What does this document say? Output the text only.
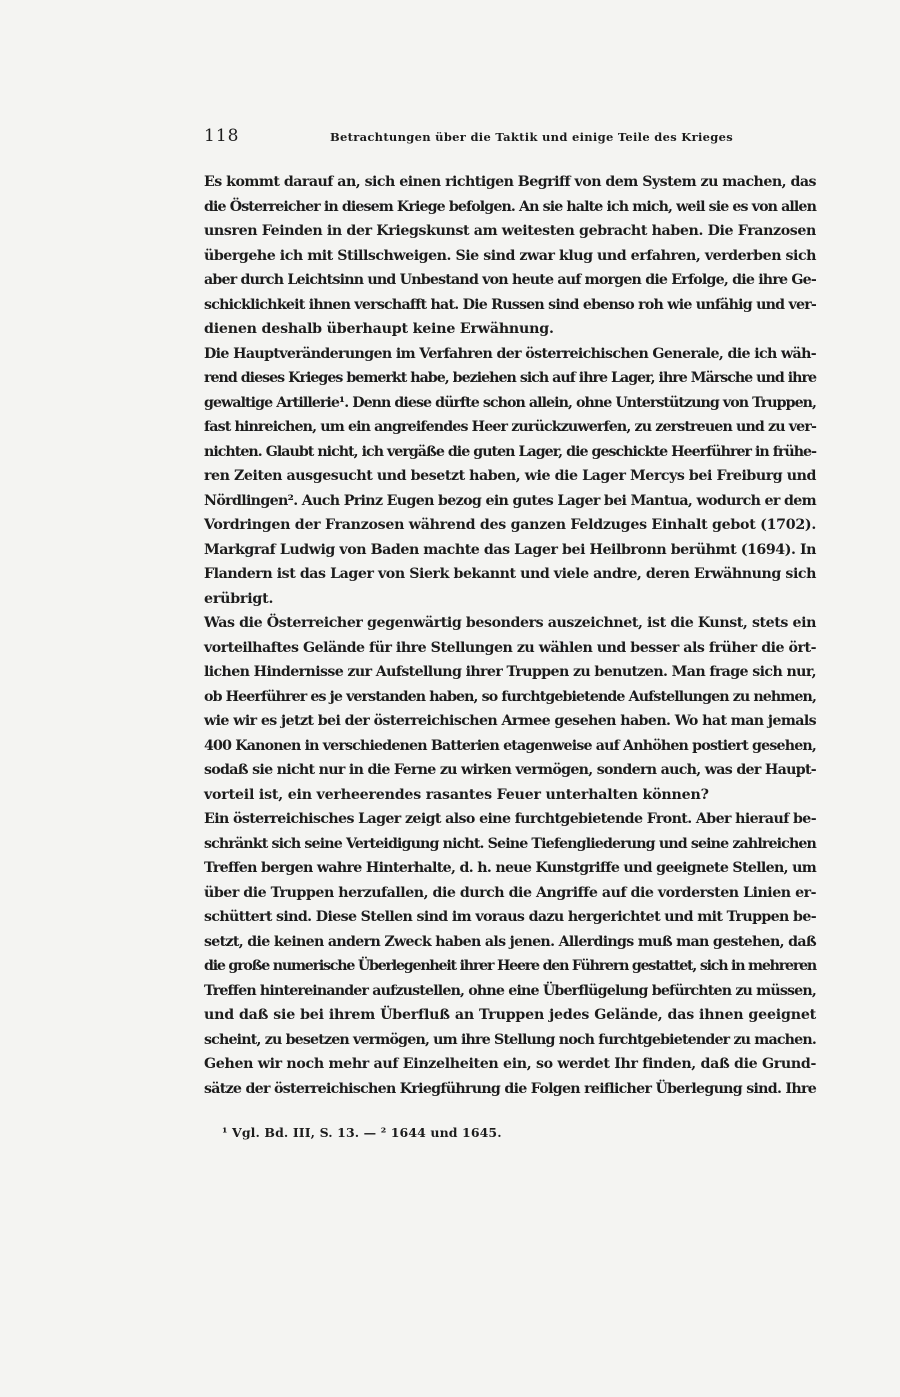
118	Betrachtungen über die Taktik und einige Teile des Krieges

Es kommt darauf an, sich einen richtigen Begriff von dem System zu machen, das
die Österreicher in diesem Kriege befolgen. An sie halte ich mich, weil sie es von allen
unsren Feinden in der Kriegskunst am weitesten gebracht haben. Die Franzosen
übergehe ich mit Stillschweigen. Sie sind zwar klug und erfahren, verderben sich
aber durch Leichtsinn und Unbestand von heute auf morgen die Erfolge, die ihre Ge-
schicklichkeit ihnen verschafft hat. Die Russen sind ebenso roh wie unfähig und ver-
dienen deshalb überhaupt keine Erwähnung.

Die Hauptveränderungen im Verfahren der österreichischen Generale, die ich wäh-
rend dieses Krieges bemerkt habe, beziehen sich auf ihre Lager, ihre Märsche und ihre
gewaltige Artillerie¹. Denn diese dürfte schon allein, ohne Unterstützung von Truppen,
fast hinreichen, um ein angreifendes Heer zurückzuwerfen, zu zerstreuen und zu ver-
nichten. Glaubt nicht, ich vergäße die guten Lager, die geschickte Heerführer in frühe-
ren Zeiten ausgesucht und besetzt haben, wie die Lager Mercys bei Freiburg und
Nördlingen². Auch Prinz Eugen bezog ein gutes Lager bei Mantua, wodurch er dem
Vordringen der Franzosen während des ganzen Feldzuges Einhalt gebot (1702).
Markgraf Ludwig von Baden machte das Lager bei Heilbronn berühmt (1694). In
Flandern ist das Lager von Sierk bekannt und viele andre, deren Erwähnung sich
erübrigt.

Was die Österreicher gegenwärtig besonders auszeichnet, ist die Kunst, stets ein
vorteilhaftes Gelände für ihre Stellungen zu wählen und besser als früher die ört-
lichen Hindernisse zur Aufstellung ihrer Truppen zu benutzen. Man frage sich nur,
ob Heerführer es je verstanden haben, so furchtgebietende Aufstellungen zu nehmen,
wie wir es jetzt bei der österreichischen Armee gesehen haben. Wo hat man jemals
400 Kanonen in verschiedenen Batterien etagenweise auf Anhöhen postiert gesehen,
sodaß sie nicht nur in die Ferne zu wirken vermögen, sondern auch, was der Haupt-
vorteil ist, ein verheerendes rasantes Feuer unterhalten können?

Ein österreichisches Lager zeigt also eine furchtgebietende Front. Aber hierauf be-
schränkt sich seine Verteidigung nicht. Seine Tiefengliederung und seine zahlreichen
Treffen bergen wahre Hinterhalte, d. h. neue Kunstgriffe und geeignete Stellen, um
über die Truppen herzufallen, die durch die Angriffe auf die vordersten Linien er-
schüttert sind. Diese Stellen sind im voraus dazu hergerichtet und mit Truppen be-
setzt, die keinen andern Zweck haben als jenen. Allerdings muß man gestehen, daß
die große numerische Überlegenheit ihrer Heere den Führern gestattet, sich in mehreren
Treffen hintereinander aufzustellen, ohne eine Überflügelung befürchten zu müssen,
und daß sie bei ihrem Überfluß an Truppen jedes Gelände, das ihnen geeignet
scheint, zu besetzen vermögen, um ihre Stellung noch furchtgebietender zu machen.

Gehen wir noch mehr auf Einzelheiten ein, so werdet Ihr finden, daß die Grund-
sätze der österreichischen Kriegführung die Folgen reiflicher Überlegung sind. Ihre

¹ Vgl. Bd. III, S. 13. — ² 1644 und 1645.
